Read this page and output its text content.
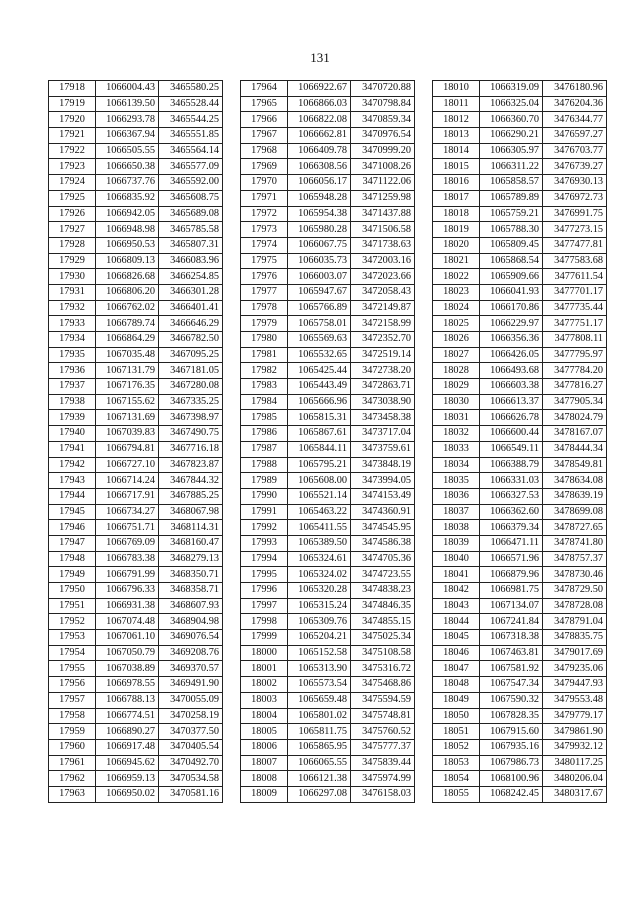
131
17918	1066004.43	3465580.25
17919	1066139.50	3465528.44
17920	1066293.78	3465544.25
17921	1066367.94	3465551.85
17922	1066505.55	3465564.14
17923	1066650.38	3465577.09
17924	1066737.76	3465592.00
17925	1066835.92	3465608.75
17926	1066942.05	3465689.08
17927	1066948.98	3465785.58
17928	1066950.53	3465807.31
17929	1066809.13	3466083.96
17930	1066826.68	3466254.85
17931	1066806.20	3466301.28
17932	1066762.02	3466401.41
17933	1066789.74	3466646.29
17934	1066864.29	3466782.50
17935	1067035.48	3467095.25
17936	1067131.79	3467181.05
17937	1067176.35	3467280.08
17938	1067155.62	3467335.25
17939	1067131.69	3467398.97
17940	1067039.83	3467490.75
17941	1066794.81	3467716.18
17942	1066727.10	3467823.87
17943	1066714.24	3467844.32
17944	1066717.91	3467885.25
17945	1066734.27	3468067.98
17946	1066751.71	3468114.31
17947	1066769.09	3468160.47
17948	1066783.38	3468279.13
17949	1066791.99	3468350.71
17950	1066796.33	3468358.71
17951	1066931.38	3468607.93
17952	1067074.48	3468904.98
17953	1067061.10	3469076.54
17954	1067050.79	3469208.76
17955	1067038.89	3469370.57
17956	1066978.55	3469491.90
17957	1066788.13	3470055.09
17958	1066774.51	3470258.19
17959	1066890.27	3470377.50
17960	1066917.48	3470405.54
17961	1066945.62	3470492.70
17962	1066959.13	3470534.58
17963	1066950.02	3470581.16
17964	1066922.67	3470720.88
17965	1066866.03	3470798.84
17966	1066822.08	3470859.34
17967	1066662.81	3470976.54
17968	1066409.78	3470999.20
17969	1066308.56	3471008.26
17970	1066056.17	3471122.06
17971	1065948.28	3471259.98
17972	1065954.38	3471437.88
17973	1065980.28	3471506.58
17974	1066067.75	3471738.63
17975	1066035.73	3472003.16
17976	1066003.07	3472023.66
17977	1065947.67	3472058.43
17978	1065766.89	3472149.87
17979	1065758.01	3472158.99
17980	1065569.63	3472352.70
17981	1065532.65	3472519.14
17982	1065425.44	3472738.20
17983	1065443.49	3472863.71
17984	1065666.96	3473038.90
17985	1065815.31	3473458.38
17986	1065867.61	3473717.04
17987	1065844.11	3473759.61
17988	1065795.21	3473848.19
17989	1065608.00	3473994.05
17990	1065521.14	3474153.49
17991	1065463.22	3474360.91
17992	1065411.55	3474545.95
17993	1065389.50	3474586.38
17994	1065324.61	3474705.36
17995	1065324.02	3474723.55
17996	1065320.28	3474838.23
17997	1065315.24	3474846.35
17998	1065309.76	3474855.15
17999	1065204.21	3475025.34
18000	1065152.58	3475108.58
18001	1065313.90	3475316.72
18002	1065573.54	3475468.86
18003	1065659.48	3475594.59
18004	1065801.02	3475748.81
18005	1065811.75	3475760.52
18006	1065865.95	3475777.37
18007	1066065.55	3475839.44
18008	1066121.38	3475974.99
18009	1066297.08	3476158.03
18010	1066319.09	3476180.96
18011	1066325.04	3476204.36
18012	1066360.70	3476344.77
18013	1066290.21	3476597.27
18014	1066305.97	3476703.77
18015	1066311.22	3476739.27
18016	1065858.57	3476930.13
18017	1065789.89	3476972.73
18018	1065759.21	3476991.75
18019	1065788.30	3477273.15
18020	1065809.45	3477477.81
18021	1065868.54	3477583.68
18022	1065909.66	3477611.54
18023	1066041.93	3477701.17
18024	1066170.86	3477735.44
18025	1066229.97	3477751.17
18026	1066356.36	3477808.11
18027	1066426.05	3477795.97
18028	1066493.68	3477784.20
18029	1066603.38	3477816.27
18030	1066613.37	3477905.34
18031	1066626.78	3478024.79
18032	1066600.44	3478167.07
18033	1066549.11	3478444.34
18034	1066388.79	3478549.81
18035	1066331.03	3478634.08
18036	1066327.53	3478639.19
18037	1066362.60	3478699.08
18038	1066379.34	3478727.65
18039	1066471.11	3478741.80
18040	1066571.96	3478757.37
18041	1066879.96	3478730.46
18042	1066981.75	3478729.50
18043	1067134.07	3478728.08
18044	1067241.84	3478791.04
18045	1067318.38	3478835.75
18046	1067463.81	3479017.69
18047	1067581.92	3479235.06
18048	1067547.34	3479447.93
18049	1067590.32	3479553.48
18050	1067828.35	3479779.17
18051	1067915.60	3479861.90
18052	1067935.16	3479932.12
18053	1067986.73	3480117.25
18054	1068100.96	3480206.04
18055	1068242.45	3480317.67
